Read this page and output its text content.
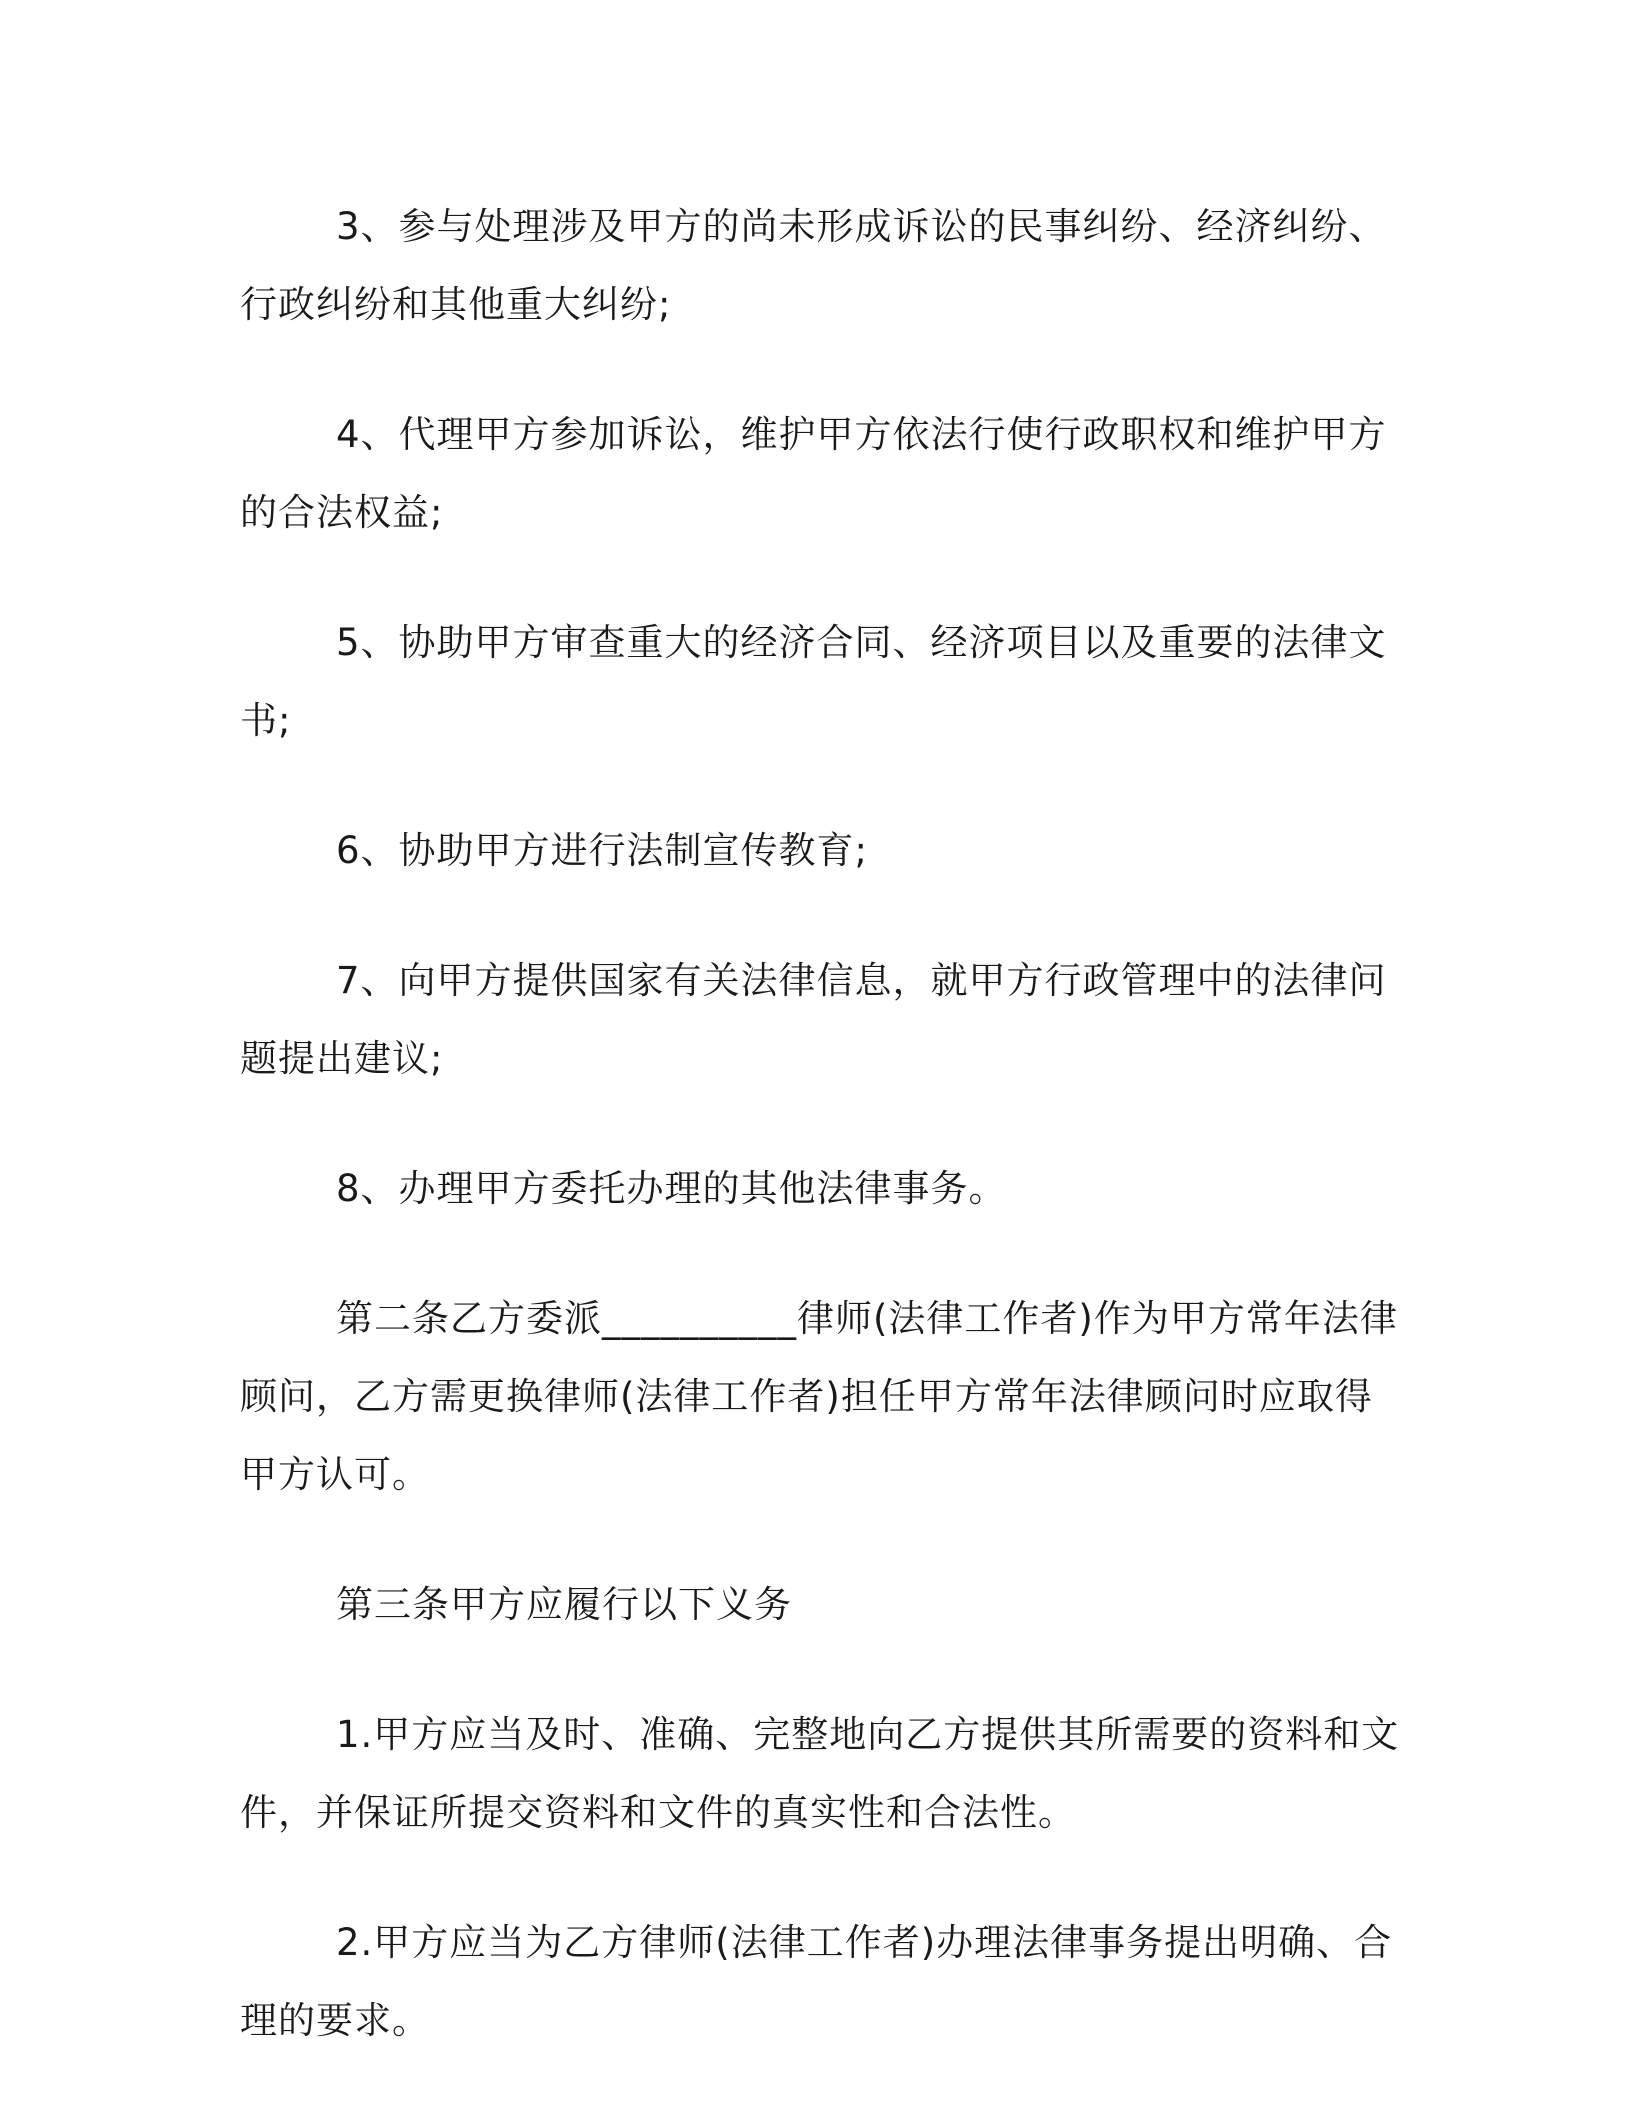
3、参与处理涉及甲方的尚未形成诉讼的民事纠纷、经济纠纷、行政纠纷和其他重大纠纷;

4、代理甲方参加诉讼，维护甲方依法行使行政职权和维护甲方的合法权益;

5、协助甲方审查重大的经济合同、经济项目以及重要的法律文书;

6、协助甲方进行法制宣传教育;

7、向甲方提供国家有关法律信息，就甲方行政管理中的法律问题提出建议;

8、办理甲方委托办理的其他法律事务。

第二条乙方委派__________律师(法律工作者)作为甲方常年法律顾问，乙方需更换律师(法律工作者)担任甲方常年法律顾问时应取得甲方认可。

第三条甲方应履行以下义务

1.甲方应当及时、准确、完整地向乙方提供其所需要的资料和文件，并保证所提交资料和文件的真实性和合法性。

2.甲方应当为乙方律师(法律工作者)办理法律事务提出明确、合理的要求。
